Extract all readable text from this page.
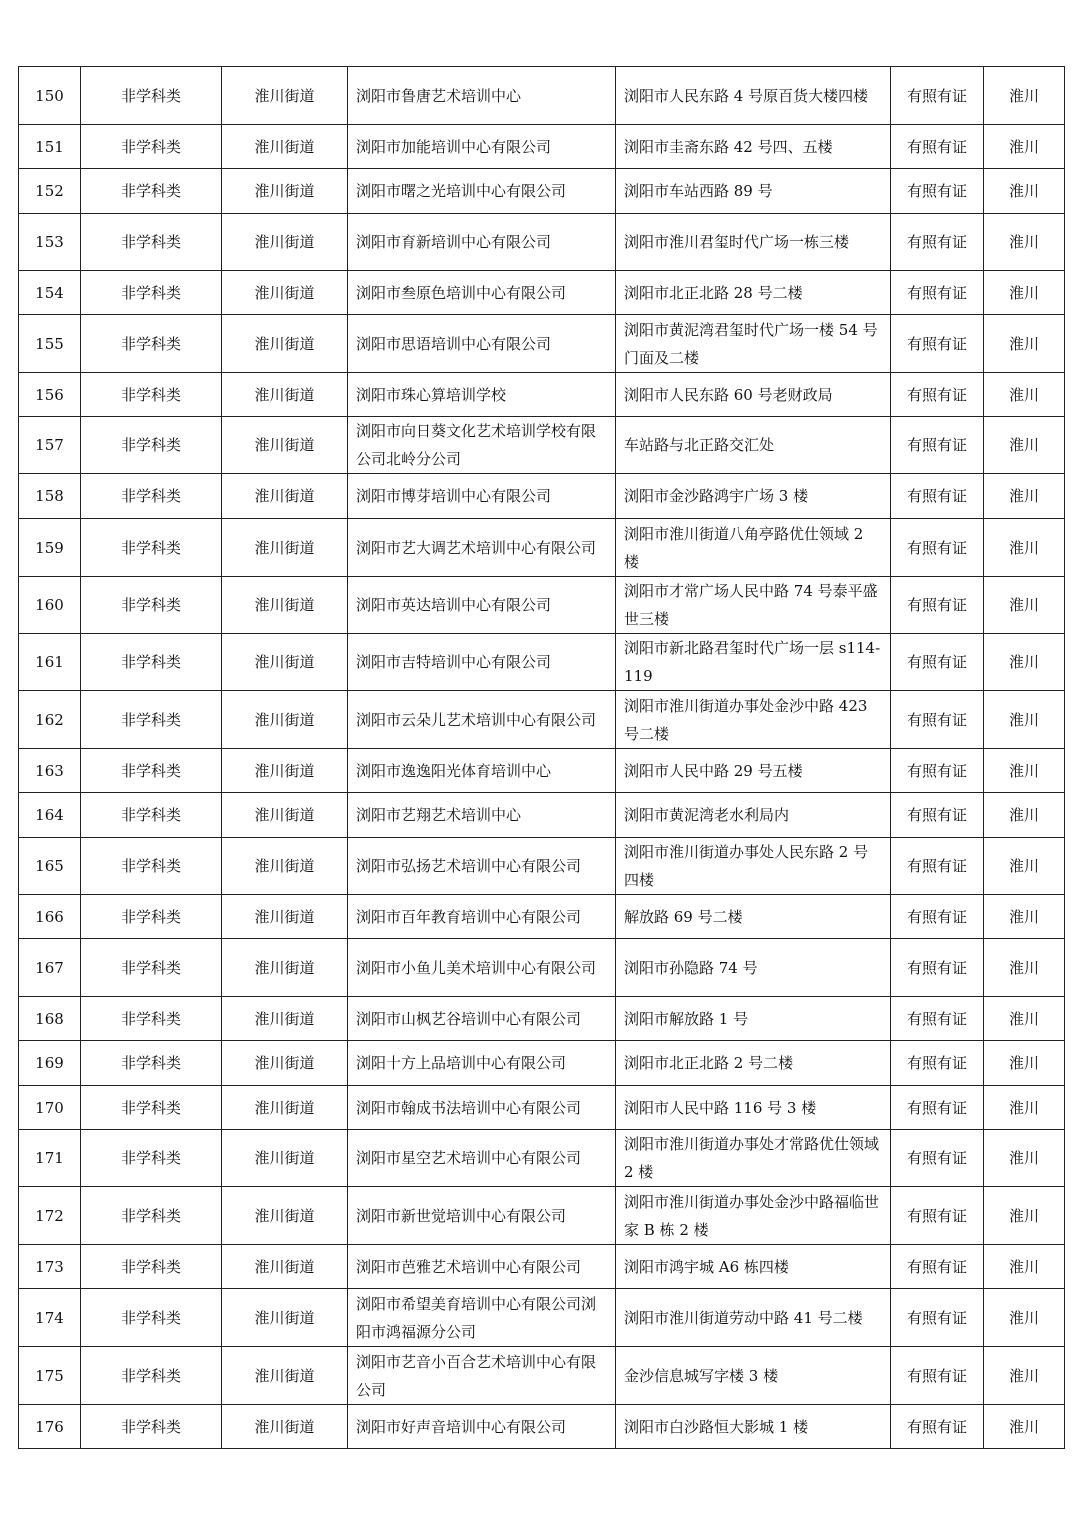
150	非学科类	淮川街道	浏阳市鲁唐艺术培训中心	浏阳市人民东路 4 号原百货大楼四楼	有照有证	淮川
151	非学科类	淮川街道	浏阳市加能培训中心有限公司	浏阳市圭斋东路 42 号四、五楼	有照有证	淮川
152	非学科类	淮川街道	浏阳市曙之光培训中心有限公司	浏阳市车站西路 89 号	有照有证	淮川
153	非学科类	淮川街道	浏阳市育新培训中心有限公司	浏阳市淮川君玺时代广场一栋三楼	有照有证	淮川
154	非学科类	淮川街道	浏阳市叁原色培训中心有限公司	浏阳市北正北路 28 号二楼	有照有证	淮川
155	非学科类	淮川街道	浏阳市思语培训中心有限公司	浏阳市黄泥湾君玺时代广场一楼 54 号门面及二楼	有照有证	淮川
156	非学科类	淮川街道	浏阳市珠心算培训学校	浏阳市人民东路 60 号老财政局	有照有证	淮川
157	非学科类	淮川街道	浏阳市向日葵文化艺术培训学校有限公司北岭分公司	车站路与北正路交汇处	有照有证	淮川
158	非学科类	淮川街道	浏阳市博芽培训中心有限公司	浏阳市金沙路鸿宇广场 3 楼	有照有证	淮川
159	非学科类	淮川街道	浏阳市艺大调艺术培训中心有限公司	浏阳市淮川街道八角亭路优仕领域 2 楼	有照有证	淮川
160	非学科类	淮川街道	浏阳市英达培训中心有限公司	浏阳市才常广场人民中路 74 号泰平盛世三楼	有照有证	淮川
161	非学科类	淮川街道	浏阳市吉特培训中心有限公司	浏阳市新北路君玺时代广场一层 s114-119	有照有证	淮川
162	非学科类	淮川街道	浏阳市云朵儿艺术培训中心有限公司	浏阳市淮川街道办事处金沙中路 423 号二楼	有照有证	淮川
163	非学科类	淮川街道	浏阳市逸逸阳光体育培训中心	浏阳市人民中路 29 号五楼	有照有证	淮川
164	非学科类	淮川街道	浏阳市艺翔艺术培训中心	浏阳市黄泥湾老水利局内	有照有证	淮川
165	非学科类	淮川街道	浏阳市弘扬艺术培训中心有限公司	浏阳市淮川街道办事处人民东路 2 号四楼	有照有证	淮川
166	非学科类	淮川街道	浏阳市百年教育培训中心有限公司	解放路 69 号二楼	有照有证	淮川
167	非学科类	淮川街道	浏阳市小鱼儿美术培训中心有限公司	浏阳市孙隐路 74 号	有照有证	淮川
168	非学科类	淮川街道	浏阳市山枫艺谷培训中心有限公司	浏阳市解放路 1 号	有照有证	淮川
169	非学科类	淮川街道	浏阳十方上品培训中心有限公司	浏阳市北正北路 2 号二楼	有照有证	淮川
170	非学科类	淮川街道	浏阳市翰成书法培训中心有限公司	浏阳市人民中路 116 号 3 楼	有照有证	淮川
171	非学科类	淮川街道	浏阳市星空艺术培训中心有限公司	浏阳市淮川街道办事处才常路优仕领域 2 楼	有照有证	淮川
172	非学科类	淮川街道	浏阳市新世觉培训中心有限公司	浏阳市淮川街道办事处金沙中路福临世家 B 栋 2 楼	有照有证	淮川
173	非学科类	淮川街道	浏阳市芭雅艺术培训中心有限公司	浏阳市鸿宇城 A6 栋四楼	有照有证	淮川
174	非学科类	淮川街道	浏阳市希望美育培训中心有限公司浏阳市鸿福源分公司	浏阳市淮川街道劳动中路 41 号二楼	有照有证	淮川
175	非学科类	淮川街道	浏阳市艺音小百合艺术培训中心有限公司	金沙信息城写字楼 3 楼	有照有证	淮川
176	非学科类	淮川街道	浏阳市好声音培训中心有限公司	浏阳市白沙路恒大影城 1 楼	有照有证	淮川
